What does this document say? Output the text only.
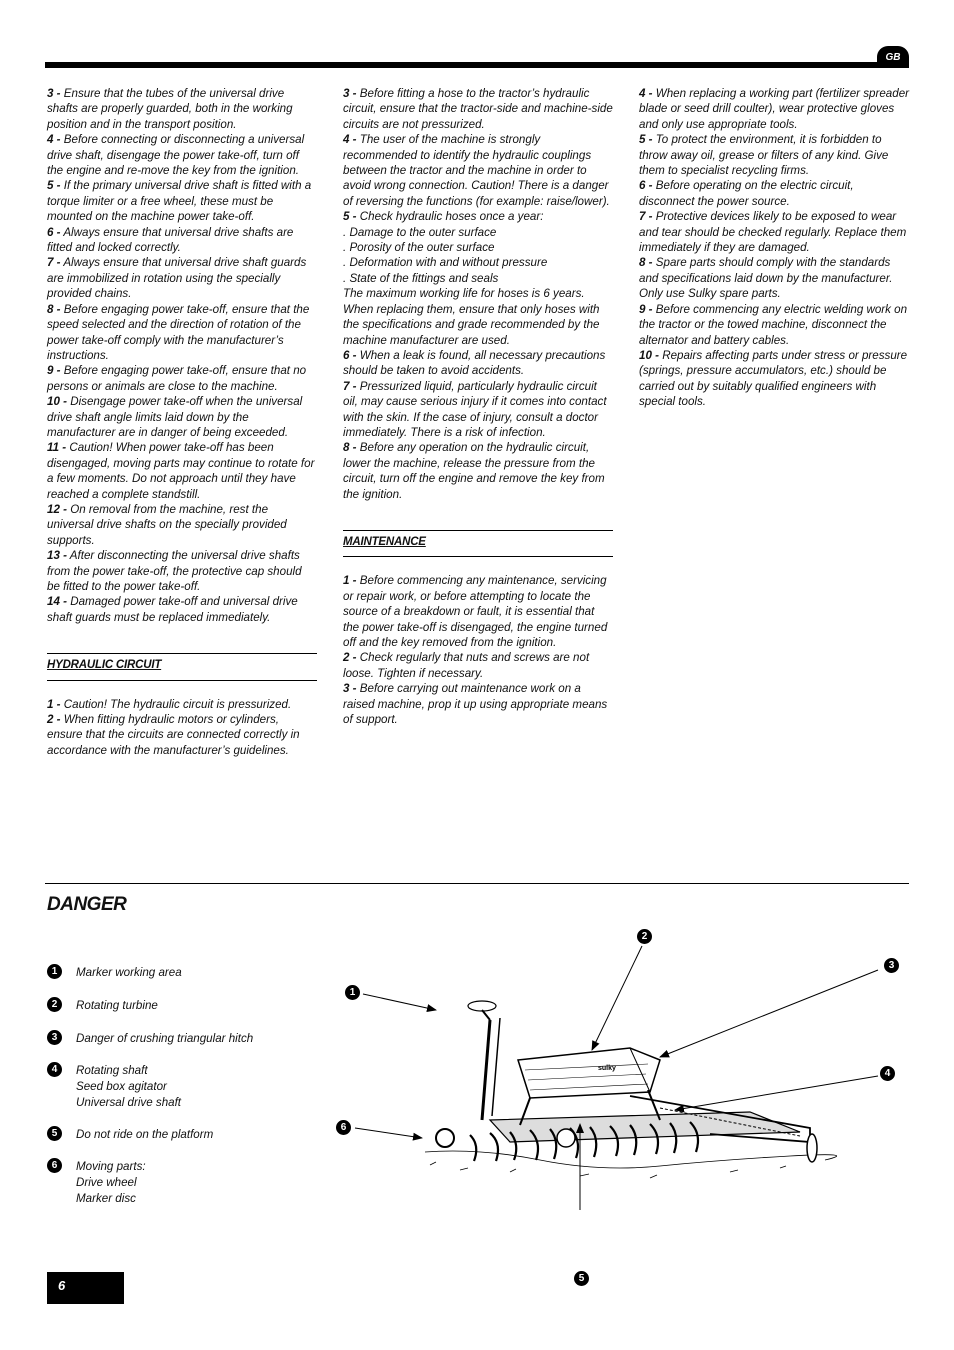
GB

3 - Ensure that the tubes of the universal drive shafts are properly guarded, both in the working position and in the transport position.

4 - Before connecting or disconnecting a universal drive shaft, disengage the power take-off, turn off the engine and re-move the key from the ignition.

5 - If the primary universal drive shaft is fitted with a torque limiter or a free wheel, these must be mounted on the machine power take-off.

6 - Always ensure that universal drive shafts are fitted and locked correctly.

7 - Always ensure that universal drive shaft guards are immobilized in rotation using the specially provided chains.

8 - Before engaging power take-off, ensure that the speed selected and the direction of rotation of the power take-off comply with the manufacturer’s instructions.

9 - Before engaging power take-off, ensure that no persons or animals are close to the machine.

10 - Disengage power take-off when the universal drive shaft angle limits laid down by the manufacturer are in danger of being exceeded.

11 - Caution! When power take-off has been disengaged, moving parts may continue to rotate for a few moments. Do not approach until they have reached a complete standstill.

12 - On removal from the machine, rest the universal drive shafts on the specially provided supports.

13 - After disconnecting the universal drive shafts from the power take-off, the protective cap should be fitted to the power take-off.

14 - Damaged power take-off and universal drive shaft guards must be replaced immediately.

HYDRAULIC CIRCUIT

1 - Caution! The hydraulic circuit is pressurized.

2 - When fitting hydraulic motors or cylinders, ensure that the circuits are connected correctly in accordance with the manufacturer’s guidelines.

3 - Before fitting a hose to the tractor’s hydraulic circuit, ensure that the tractor-side and machine-side circuits are not pressurized.

4 - The user of the machine is strongly recommended to identify the hydraulic couplings between the tractor and the machine in order to avoid wrong connection. Caution! There is a danger of reversing the functions (for example: raise/lower).

5 - Check hydraulic hoses once a year:

. Damage to the outer surface

. Porosity of the outer surface

. Deformation with and without pressure

. State of the fittings and seals

The maximum working life for hoses is 6 years. When replacing them, ensure that only hoses with the specifications and grade recommended by the machine manufacturer are used.

6 - When a leak is found, all necessary precautions should be taken to avoid accidents.

7 - Pressurized liquid, particularly hydraulic circuit oil, may cause serious injury if it comes into contact with the skin. If the case of injury, consult a doctor immediately. There is a risk of infection.

8 - Before any operation on the hydraulic circuit, lower the machine, release the pressure from the circuit, turn off the engine and remove the key from the ignition.

MAINTENANCE

1 - Before commencing any maintenance, servicing or repair work, or before attempting to locate the source of a breakdown or fault, it is essential that the power take-off is disengaged, the engine turned off and the key removed from the ignition.

2 - Check regularly that nuts and screws are not loose. Tighten if necessary.

3 - Before carrying out maintenance work on a raised machine, prop it up using appropriate means of support.

4 - When replacing a working part (fertilizer spreader blade or seed drill coulter), wear protective gloves and only use appropriate tools.

5 - To protect the environment, it is forbidden to throw away oil, grease or filters of any kind. Give them to specialist recycling firms.

6 - Before operating on the electric circuit, disconnect the power source.

7 - Protective devices likely to be exposed to wear and tear should be checked regularly. Replace them immediately if they are damaged.

8 - Spare parts should comply with the standards and specifications laid down by the manufacturer. Only use Sulky spare parts.

9 - Before commencing any electric welding work on the tractor or the towed machine, disconnect the alternator and battery cables.

10 - Repairs affecting parts under stress or pressure (springs, pressure accumulators, etc.) should be carried out by suitably qualified engineers with special tools.

DANGER
1	Marker working area
2	Rotating turbine
3	Danger of crushing triangular hitch
4	Rotating shaft
Seed box agitator
Universal drive shaft
5	Do not ride on the platform
6	Moving parts:
Drive wheel
Marker disc
sulky
1
2
3
4
5
6
6
